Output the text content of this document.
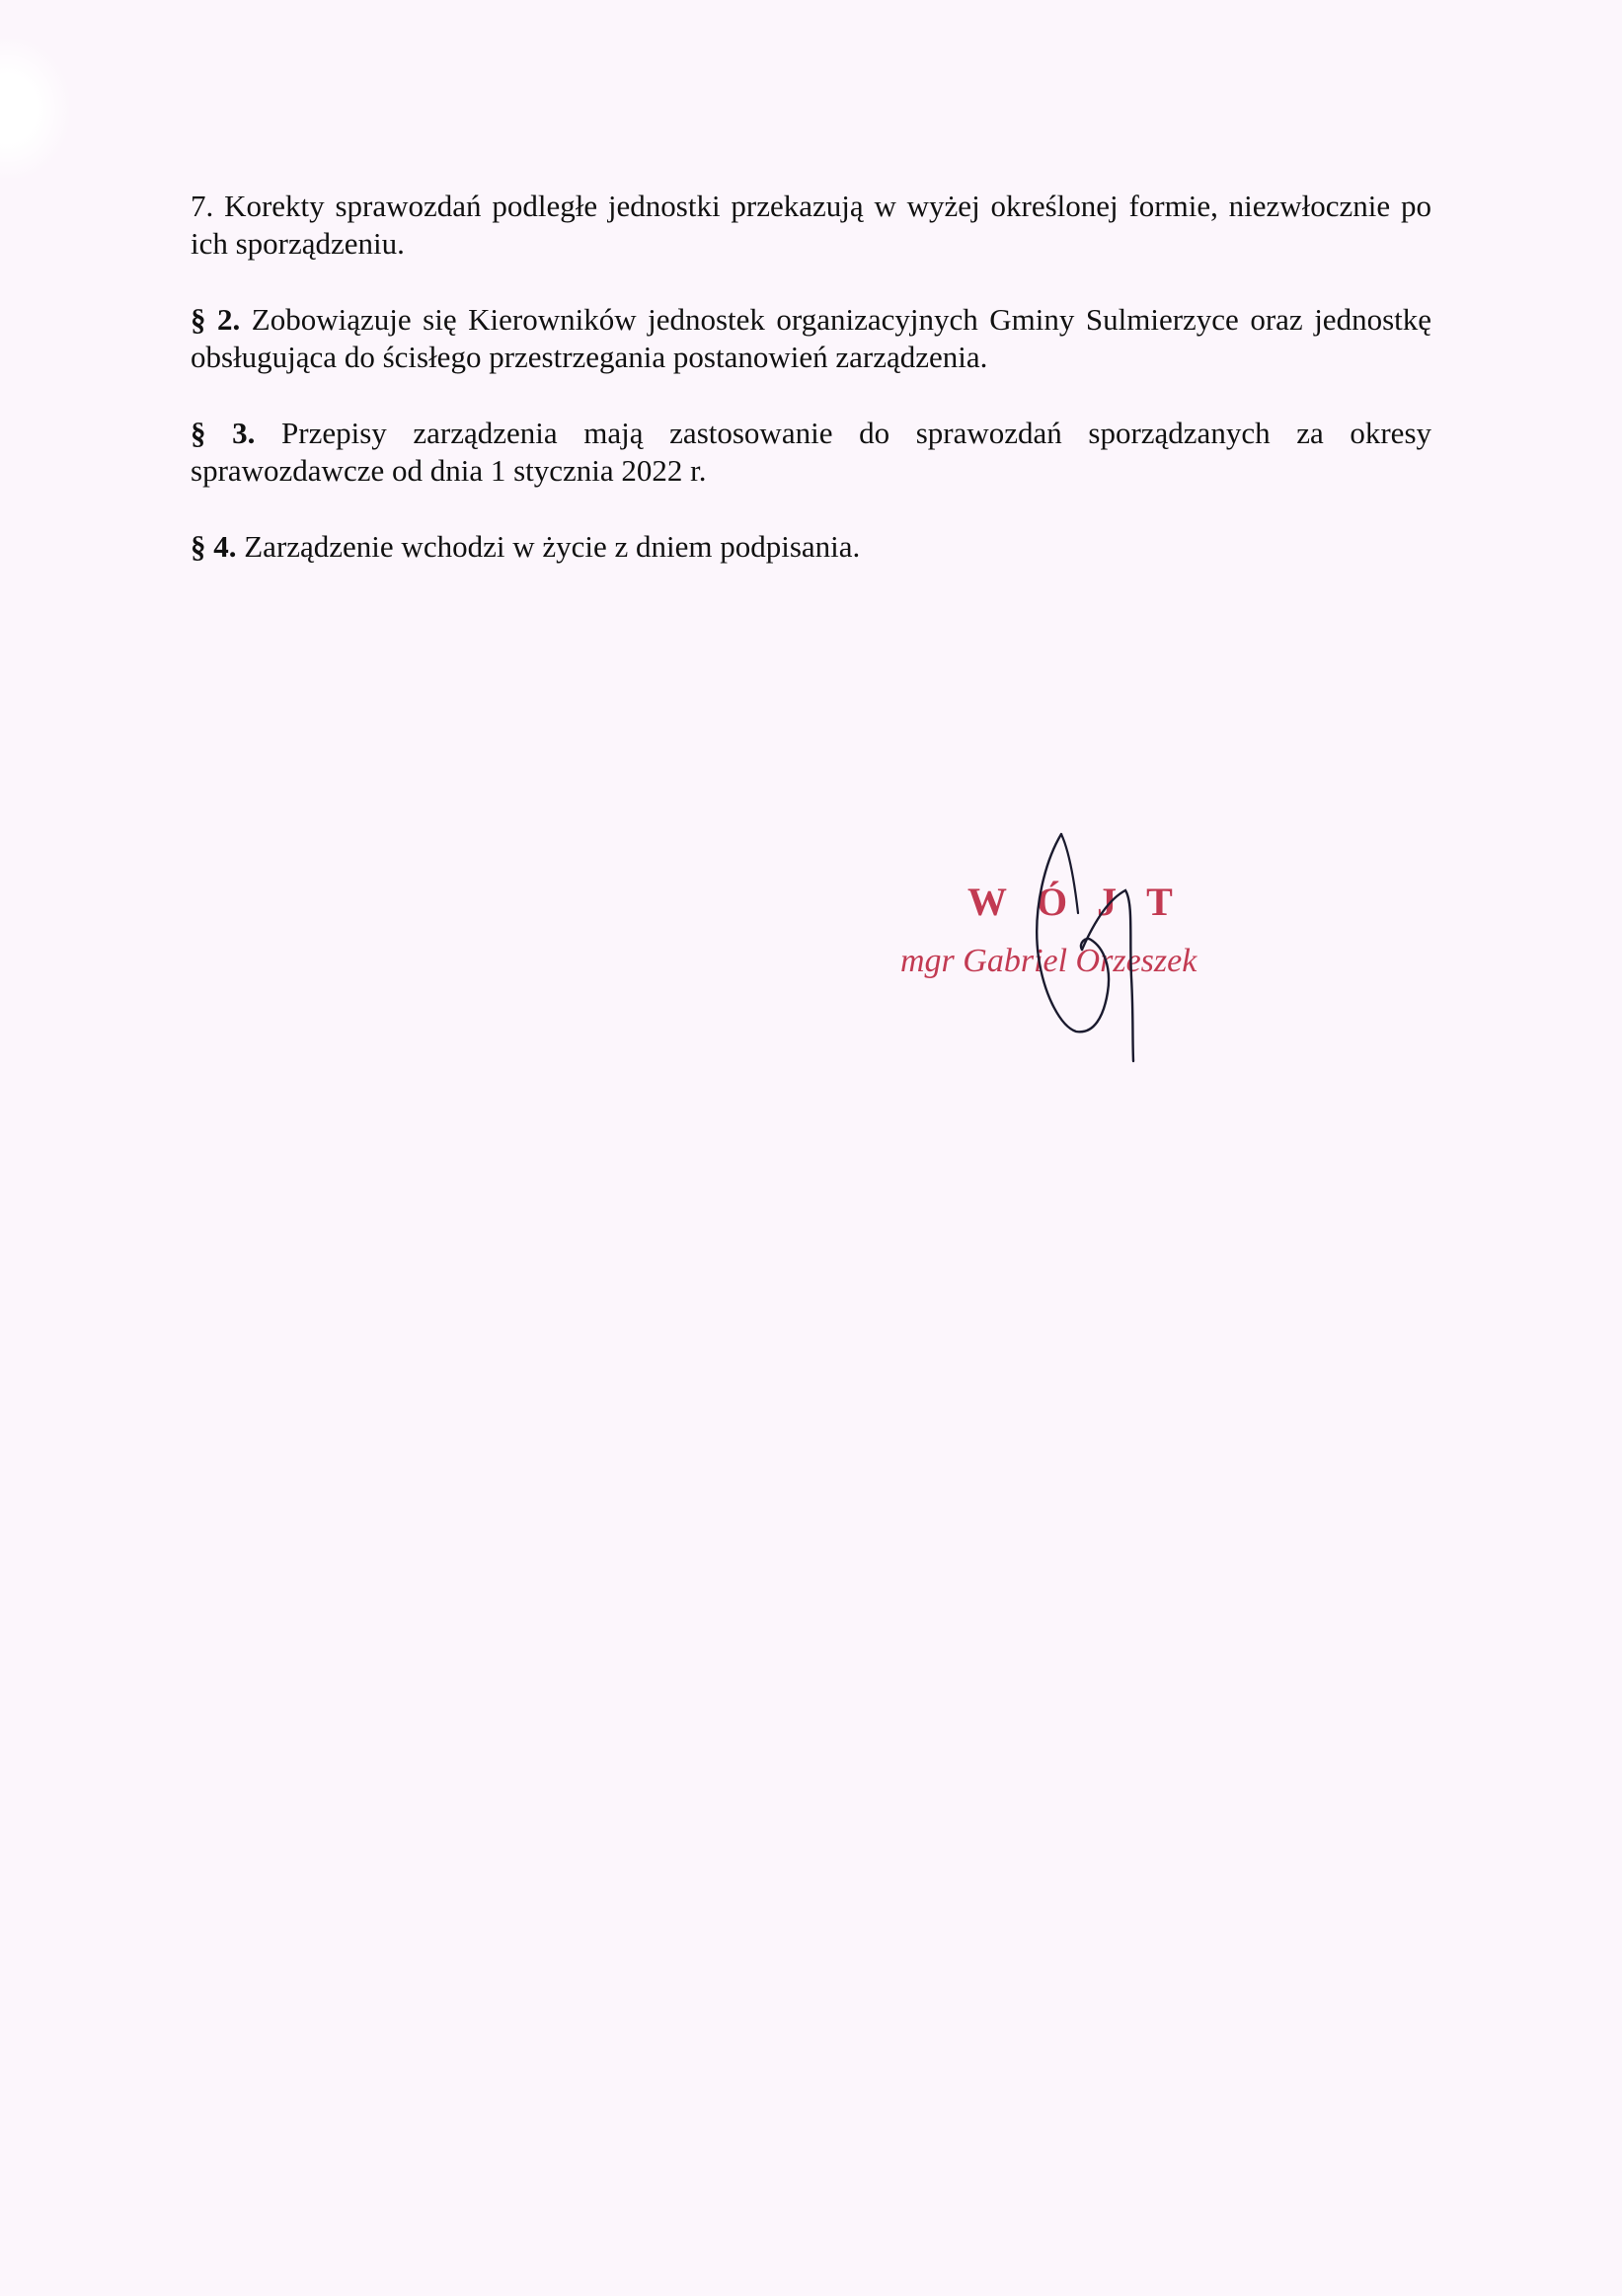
7. Korekty sprawozdań podległe jednostki przekazują w wyżej określonej formie, niezwłocznie po ich sporządzeniu.

§ 2. Zobowiązuje się Kierowników jednostek organizacyjnych Gminy Sulmierzyce oraz jednostkę obsługująca do ścisłego przestrzegania postanowień zarządzenia.

§ 3. Przepisy zarządzenia mają zastosowanie do sprawozdań sporządzanych za okresy sprawozdawcze od dnia 1 stycznia 2022 r.

§ 4. Zarządzenie wchodzi w życie z dniem podpisania.

WÓJT
mgr Gabriel Orzeszek
